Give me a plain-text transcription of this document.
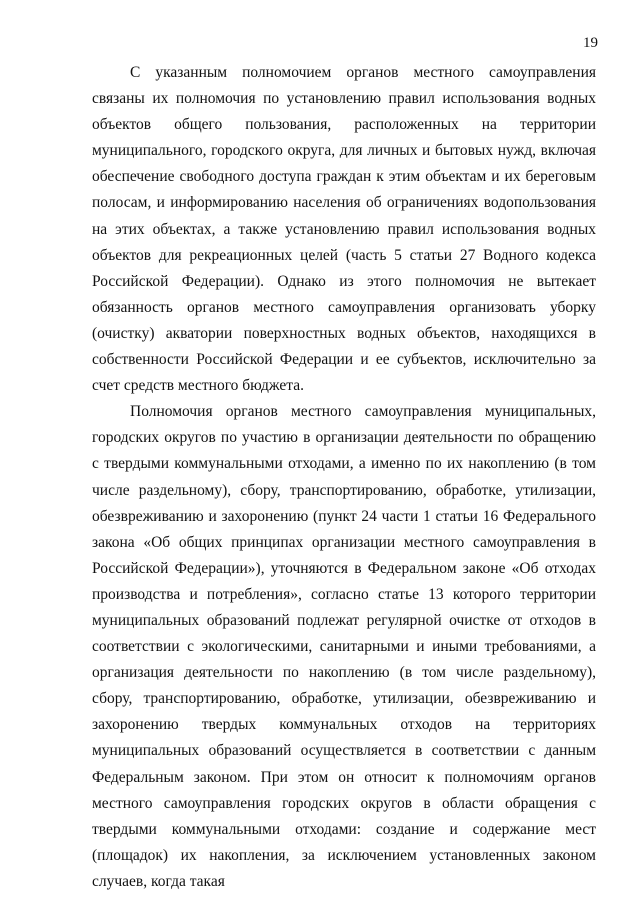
19

С указанным полномочием органов местного самоуправления связаны их полномочия по установлению правил использования водных объектов общего пользования, расположенных на территории муниципального, городского округа, для личных и бытовых нужд, включая обеспечение свободного доступа граждан к этим объектам и их береговым полосам, и информированию населения об ограничениях водопользования на этих объектах, а также установлению правил использования водных объектов для рекреационных целей (часть 5 статьи 27 Водного кодекса Российской Федерации). Однако из этого полномочия не вытекает обязанность органов местного самоуправления организовать уборку (очистку) акватории поверхностных водных объектов, находящихся в собственности Российской Федерации и ее субъектов, исключительно за счет средств местного бюджета.

Полномочия органов местного самоуправления муниципальных, городских округов по участию в организации деятельности по обращению с твердыми коммунальными отходами, а именно по их накоплению (в том числе раздельному), сбору, транспортированию, обработке, утилизации, обезвреживанию и захоронению (пункт 24 части 1 статьи 16 Федерального закона «Об общих принципах организации местного самоуправления в Российской Федерации»), уточняются в Федеральном законе «Об отходах производства и потребления», согласно статье 13 которого территории муниципальных образований подлежат регулярной очистке от отходов в соответствии с экологическими, санитарными и иными требованиями, а организация деятельности по накоплению (в том числе раздельному), сбору, транспортированию, обработке, утилизации, обезвреживанию и захоронению твердых коммунальных отходов на территориях муниципальных образований осуществляется в соответствии с данным Федеральным законом. При этом он относит к полномочиям органов местного самоуправления городских округов в области обращения с твердыми коммунальными отходами: создание и содержание мест (площадок) их накопления, за исключением установленных законом случаев, когда такая
